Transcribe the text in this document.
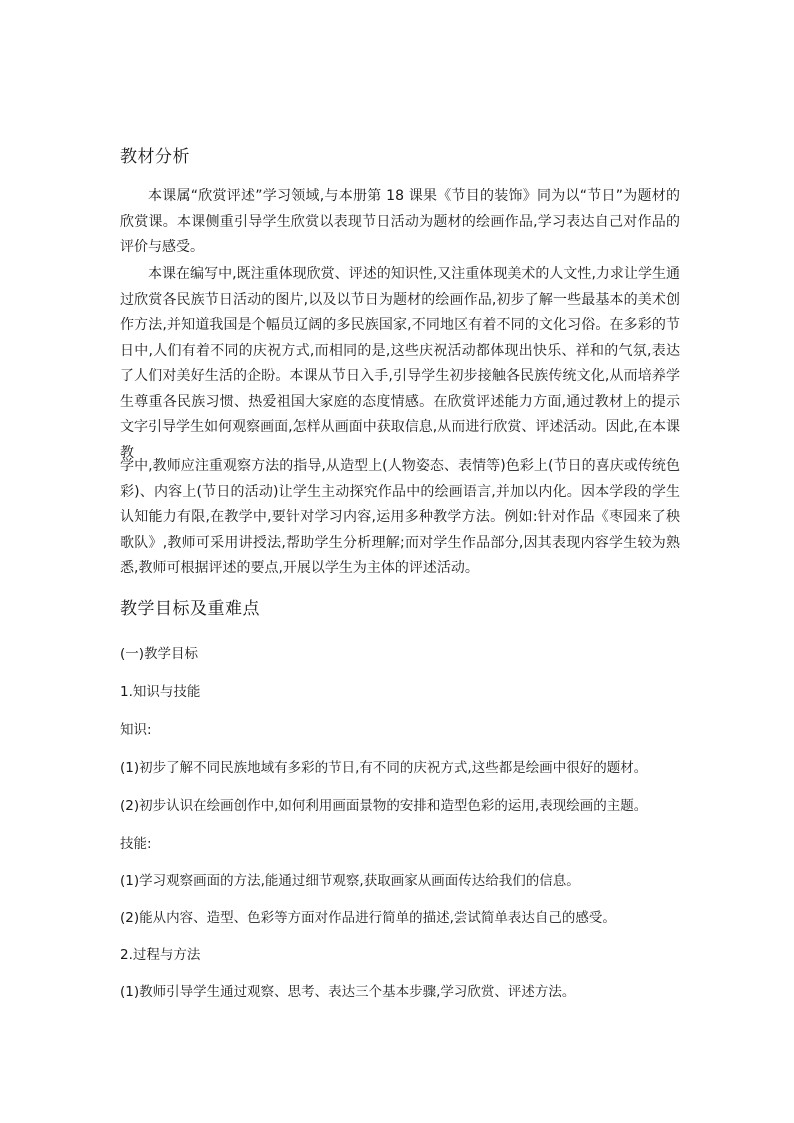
教材分析

本课属“欣赏评述”学习领域,与本册第 18 课果《节目的装饰》同为以“节日”为题材的欣赏课。本课侧重引导学生欣赏以表现节日活动为题材的绘画作品,学习表达自己对作品的评价与感受。

本课在编写中,既注重体现欣赏、评述的知识性,又注重体现美术的人文性,力求让学生通过欣赏各民族节日活动的图片,以及以节日为题材的绘画作品,初步了解一些最基本的美术创作方法,并知道我国是个幅员辽阔的多民族国家,不同地区有着不同的文化习俗。在多彩的节日中,人们有着不同的庆祝方式,而相同的是,这些庆祝活动都体现出快乐、祥和的气氛,表达了人们对美好生活的企盼。本课从节日入手,引导学生初步接触各民族传统文化,从而培养学生尊重各民族习惯、热爱祖国大家庭的态度情感。在欣赏评述能力方面,通过教材上的提示文字引导学生如何观察画面,怎样从画面中获取信息,从而进行欣赏、评述活动。因此,在本课教

学中,教师应注重观察方法的指导,从造型上(人物姿态、表情等)色彩上(节日的喜庆或传统色彩)、内容上(节日的活动)让学生主动探究作品中的绘画语言,并加以内化。因本学段的学生认知能力有限,在教学中,要针对学习内容,运用多种教学方法。例如:针对作品《枣园来了秧歌队》,教师可采用讲授法,帮助学生分析理解;而对学生作品部分,因其表现内容学生较为熟悉,教师可根据评述的要点,开展以学生为主体的评述活动。

教学目标及重难点

(一)教学目标

1.知识与技能

知识:

(1)初步了解不同民族地域有多彩的节日,有不同的庆祝方式,这些都是绘画中很好的题材。

(2)初步认识在绘画创作中,如何利用画面景物的安排和造型色彩的运用,表现绘画的主题。

技能:

(1)学习观察画面的方法,能通过细节观察,获取画家从画面传达给我们的信息。

(2)能从内容、造型、色彩等方面对作品进行简单的描述,尝试简单表达自己的感受。

2.过程与方法

(1)教师引导学生通过观察、思考、表达三个基本步骤,学习欣赏、评述方法。
